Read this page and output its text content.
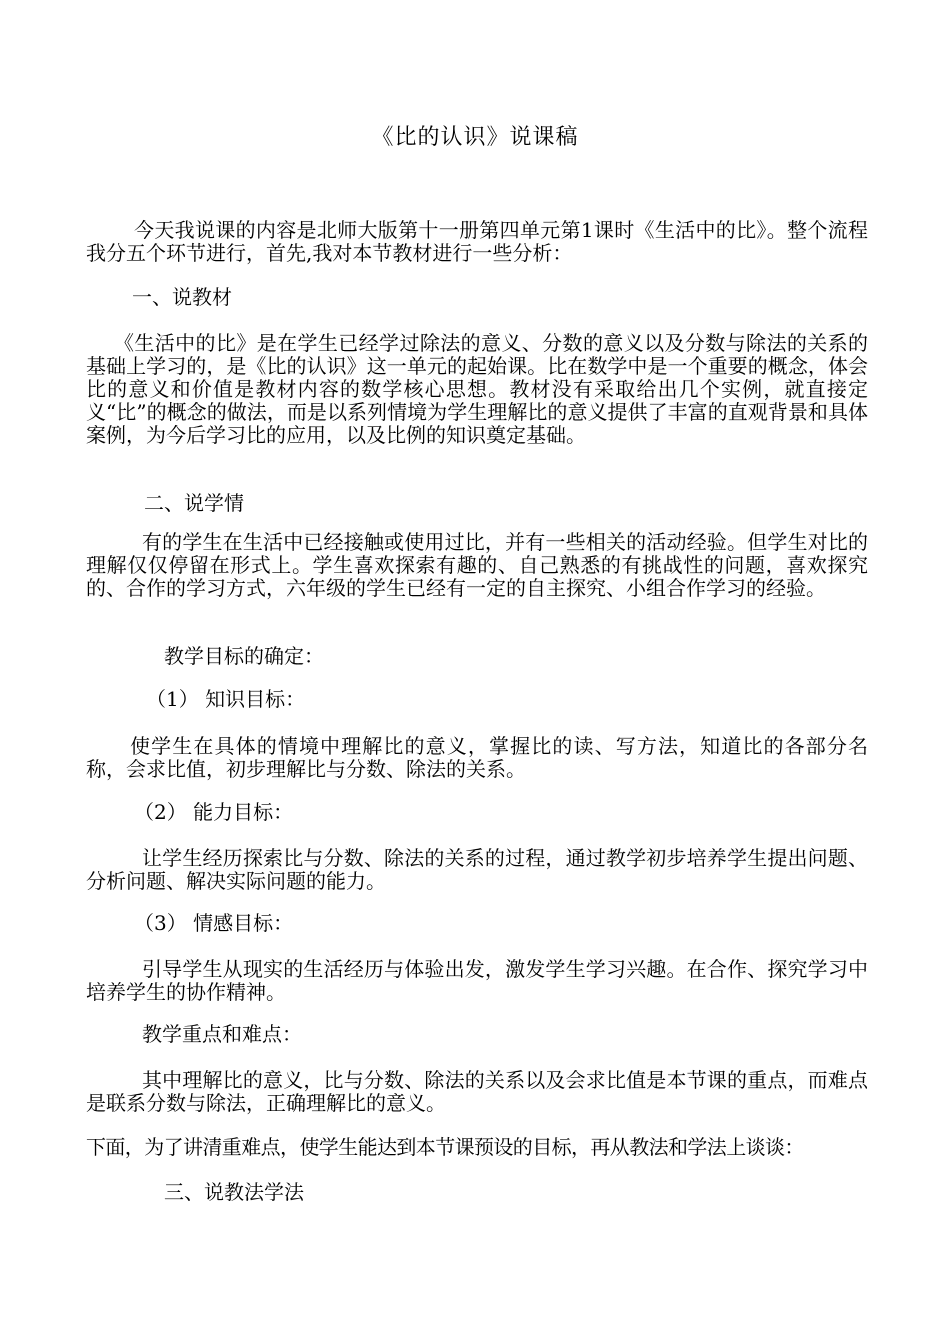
《比的认识》说课稿

今天我说课的内容是北师大版第十一册第四单元第1课时《生活中的比》。整个流程我分五个环节进行，首先,我对本节教材进行一些分析：

一、说教材

《生活中的比》是在学生已经学过除法的意义、分数的意义以及分数与除法的关系的基础上学习的，是《比的认识》这一单元的起始课。比在数学中是一个重要的概念，体会比的意义和价值是教材内容的数学核心思想。教材没有采取给出几个实例，就直接定义“比”的概念的做法，而是以系列情境为学生理解比的意义提供了丰富的直观背景和具体案例，为今后学习比的应用，以及比例的知识奠定基础。

二、说学情

有的学生在生活中已经接触或使用过比，并有一些相关的活动经验。但学生对比的理解仅仅停留在形式上。学生喜欢探索有趣的、自己熟悉的有挑战性的问题，喜欢探究的、合作的学习方式，六年级的学生已经有一定的自主探究、小组合作学习的经验。

教学目标的确定：

（1） 知识目标：

使学生在具体的情境中理解比的意义，掌握比的读、写方法，知道比的各部分名称，会求比值，初步理解比与分数、除法的关系。

（2） 能力目标：

让学生经历探索比与分数、除法的关系的过程，通过教学初步培养学生提出问题、分析问题、解决实际问题的能力。

（3） 情感目标：

引导学生从现实的生活经历与体验出发，激发学生学习兴趣。在合作、探究学习中培养学生的协作精神。

教学重点和难点：

其中理解比的意义，比与分数、除法的关系以及会求比值是本节课的重点，而难点是联系分数与除法，正确理解比的意义。

下面，为了讲清重难点，使学生能达到本节课预设的目标，再从教法和学法上谈谈：

三、说教法学法
